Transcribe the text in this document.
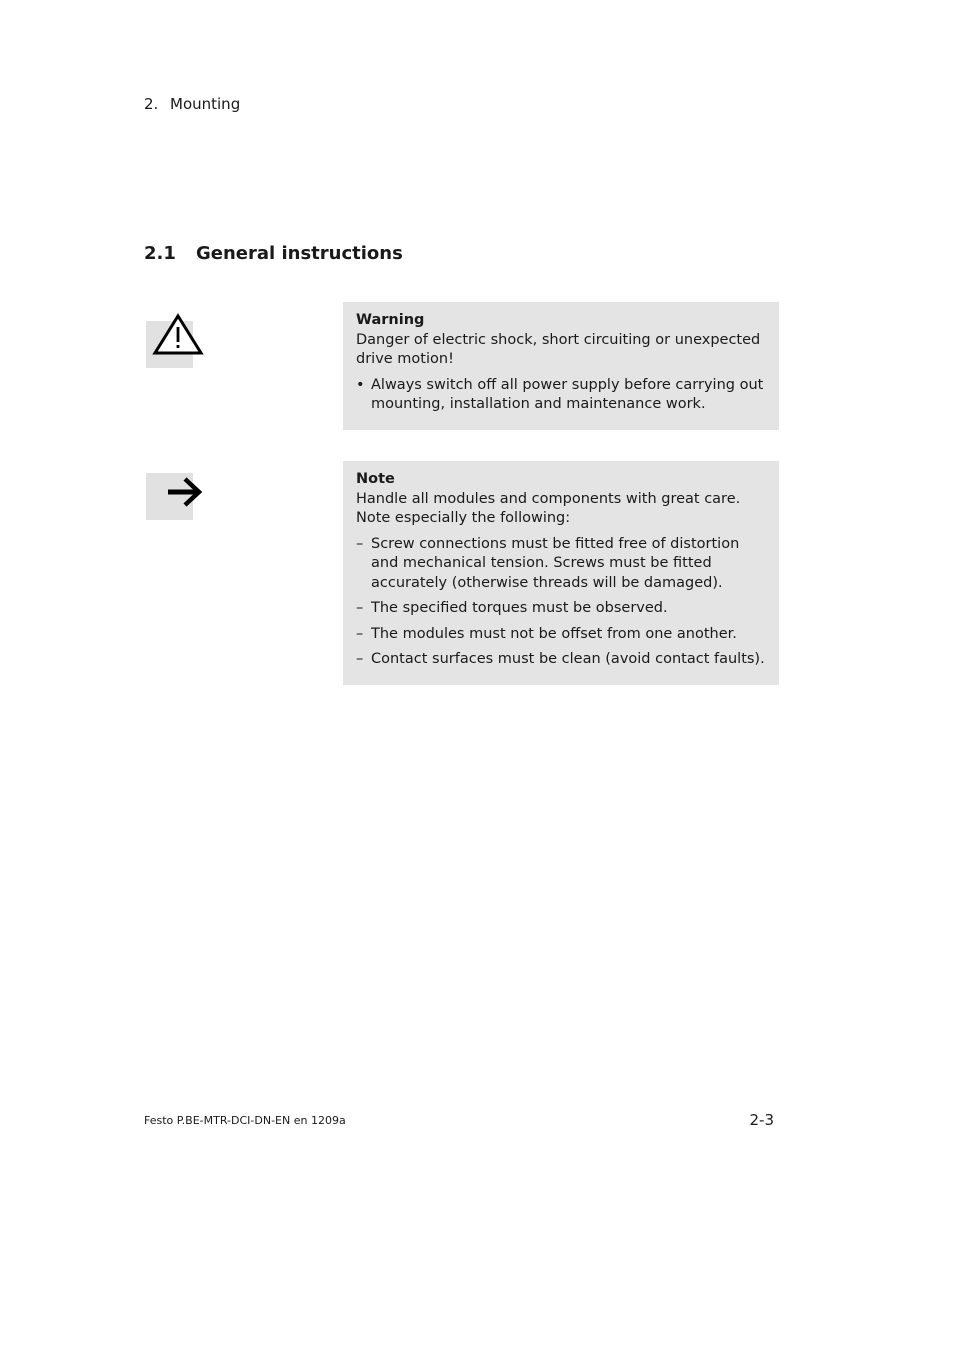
2. Mounting
2.1 General instructions

Warning

Danger of electric shock, short circuiting or unexpected drive motion!

• Always switch off all power supply before carrying out mounting, installation and maintenance work.

Note

Handle all modules and components with great care. Note especially the following:

– Screw connections must be fitted free of distortion and mechanical tension. Screws must be fitted accurately (otherwise threads will be damaged).
– The specified torques must be observed.
– The modules must not be offset from one another.
– Contact surfaces must be clean (avoid contact faults).
Festo P.BE-MTR-DCI-DN-EN en 1209a	2-3
